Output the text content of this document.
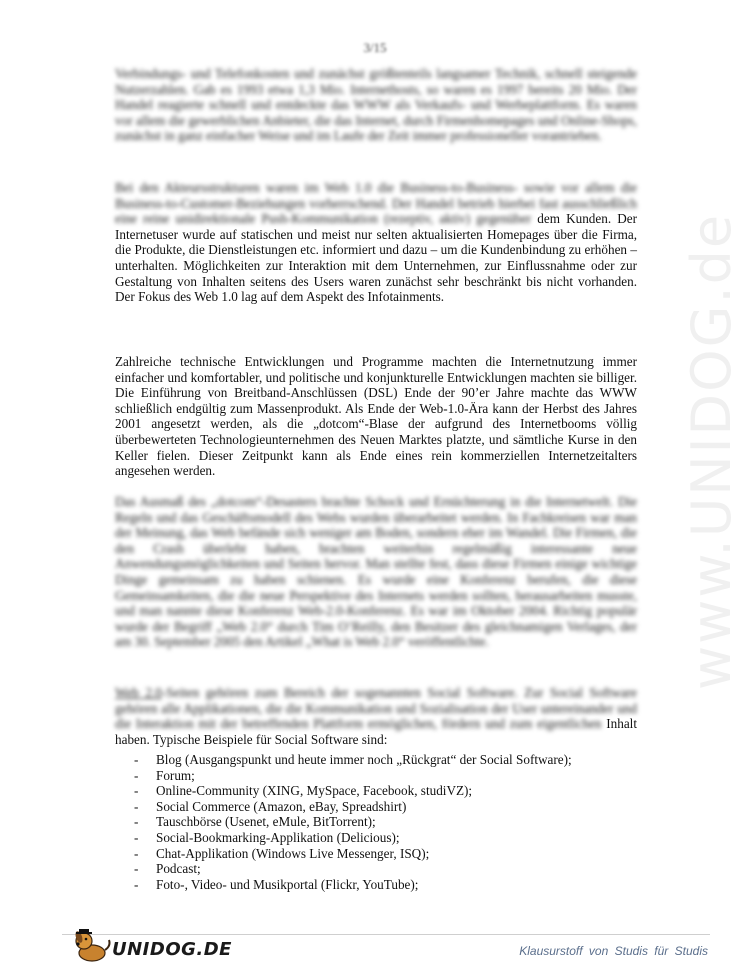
3/15
www.UNIDOG.de

Verbindungs- und Telefonkosten und zunächst größtenteils langsamer Technik, schnell steigende Nutzerzahlen. Gab es 1993 etwa 1,3 Mio. Internethosts, so waren es 1997 bereits 20 Mio. Der Handel reagierte schnell und entdeckte das WWW als Verkaufs- und Werbeplattform. Es waren vor allem die gewerblichen Anbieter, die das Internet, durch Firmenhomepages und Online-Shops, zunächst in ganz einfacher Weise und im Laufe der Zeit immer professioneller vorantrieben.

Bei den Akteursstrukturen waren im Web 1.0 die Business-to-Business- sowie vor allem die Business-to-Customer-Beziehungen vorherrschend. Der Handel betrieb hierbei fast ausschließlich eine reine unidirektionale Push-Kommunikation (rezeptiv, aktiv) gegenüber dem Kunden. Der Internetuser wurde auf statischen und meist nur selten aktualisierten Homepages über die Firma, die Produkte, die Dienstleistungen etc. informiert und dazu – um die Kundenbindung zu erhöhen – unterhalten. Möglichkeiten zur Interaktion mit dem Unternehmen, zur Einflussnahme oder zur Gestaltung von Inhalten seitens des Users waren zunächst sehr beschränkt bis nicht vorhanden. Der Fokus des Web 1.0 lag auf dem Aspekt des Infotainments.

Zahlreiche technische Entwicklungen und Programme machten die Internetnutzung immer einfacher und komfortabler, und politische und konjunkturelle Entwicklungen machten sie billiger. Die Einführung von Breitband-Anschlüssen (DSL) Ende der 90’er Jahre machte das WWW schließlich endgültig zum Massenprodukt. Als Ende der Web-1.0-Ära kann der Herbst des Jahres 2001 angesetzt werden, als die „dotcom“-Blase der aufgrund des Internetbooms völlig überbewerteten Technologieunternehmen des Neuen Marktes platzte, und sämtliche Kurse in den Keller fielen. Dieser Zeitpunkt kann als Ende eines rein kommerziellen Internetzeitalters angesehen werden.

Das Ausmaß des „dotcom“-Desasters brachte Schock und Ernüchterung in die Internetwelt. Die Regeln und das Geschäftsmodell des Webs wurden überarbeitet werden. In Fachkreisen war man der Meinung, das Web befände sich weniger am Boden, sondern eher im Wandel. Die Firmen, die den Crash überlebt haben, brachten weiterhin regelmäßig interessante neue Anwendungsmöglichkeiten und Seiten hervor. Man stellte fest, dass diese Firmen einige wichtige Dinge gemeinsam zu haben schienen. Es wurde eine Konferenz berufen, die diese Gemeinsamkeiten, die die neue Perspektive des Internets werden sollten, herausarbeiten musste, und man nannte diese Konferenz Web-2.0-Konferenz. Es war im Oktober 2004. Richtig populär wurde der Begriff „Web 2.0“ durch Tim O’Reilly, den Besitzer des gleichnamigen Verlages, der am 30. September 2005 den Artikel „What is Web 2.0“ veröffentlichte.

Web 2.0-Seiten gehören zum Bereich der sogenannten Social Software. Zur Social Software gehören alle Applikationen, die die Kommunikation und Sozialisation der User untereinander und die Interaktion mit der betreffenden Plattform ermöglichen, fördern und zum eigentlichen Inhalt haben. Typische Beispiele für Social Software sind:

- Blog (Ausgangspunkt und heute immer noch „Rückgrat“ der Social Software);
- Forum;
- Online-Community (XING, MySpace, Facebook, studiVZ);
- Social Commerce (Amazon, eBay, Spreadshirt)
- Tauschbörse (Usenet, eMule, BitTorrent);
- Social-Bookmarking-Applikation (Delicious);
- Chat-Applikation (Windows Live Messenger, ISQ);
- Podcast;
- Foto-, Video- und Musikportal (Flickr, YouTube);
UNIDOG.DE	Klausurstoff von Studis für Studis
